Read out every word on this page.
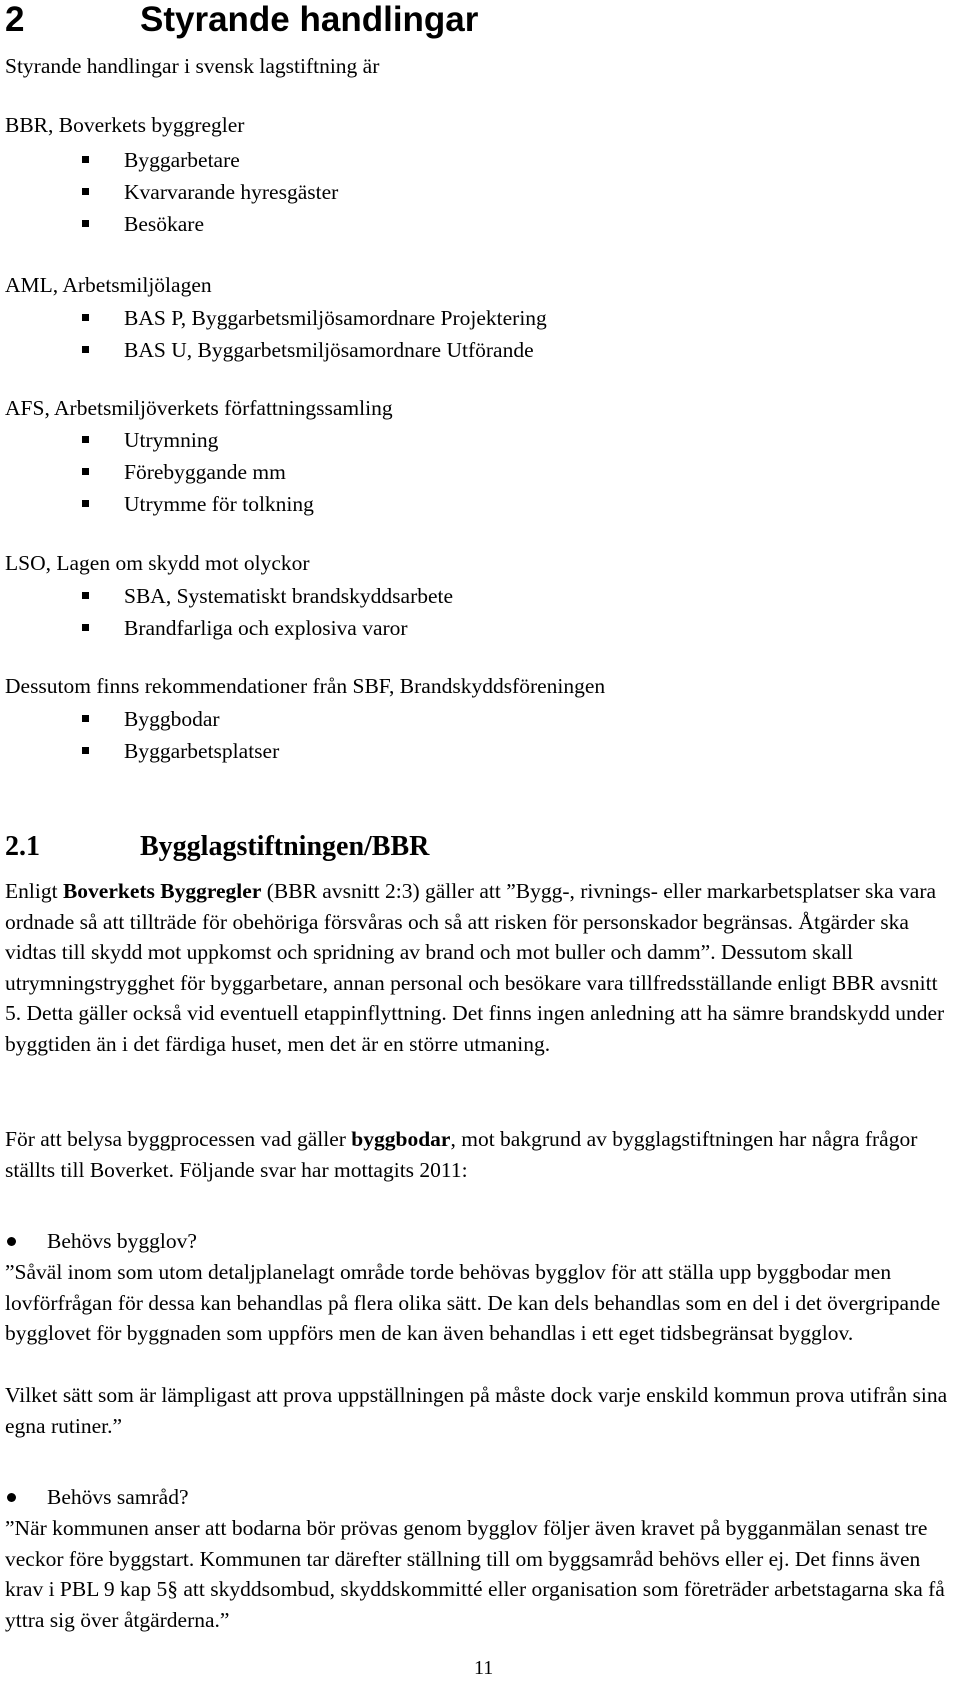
2	Styrande handlingar
Styrande handlingar i svensk lagstiftning är
BBR, Boverkets byggregler
Byggarbetare
Kvarvarande hyresgäster
Besökare
AML, Arbetsmiljölagen
BAS P, Byggarbetsmiljösamordnare Projektering
BAS U, Byggarbetsmiljösamordnare Utförande
AFS, Arbetsmiljöverkets författningssamling
Utrymning
Förebyggande mm
Utrymme för tolkning
LSO, Lagen om skydd mot olyckor
SBA, Systematiskt brandskyddsarbete
Brandfarliga och explosiva varor
Dessutom finns rekommendationer från SBF, Brandskyddsföreningen
Byggbodar
Byggarbetsplatser
2.1	Bygglagstiftningen/BBR
Enligt Boverkets Byggregler (BBR avsnitt 2:3) gäller att ”Bygg-, rivnings- eller markarbetsplatser ska vara ordnade så att tillträde för obehöriga försvåras och så att risken för personskador begränsas. Åtgärder ska vidtas till skydd mot uppkomst och spridning av brand och mot buller och damm”. Dessutom skall utrymningstrygghet för byggarbetare, annan personal och besökare vara tillfredsställande enligt BBR avsnitt 5. Detta gäller också vid eventuell etappinflyttning. Det finns ingen anledning att ha sämre brandskydd under byggtiden än i det färdiga huset, men det är en större utmaning.
För att belysa byggprocessen vad gäller byggbodar, mot bakgrund av bygglagstiftningen har några frågor ställts till Boverket. Följande svar har mottagits 2011:
Behövs bygglov?
”Såväl inom som utom detaljplanelagt område torde behövas bygglov för att ställa upp byggbodar men lovförfrågan för dessa kan behandlas på flera olika sätt. De kan dels behandlas som en del i det övergripande bygglovet för byggnaden som uppförs men de kan även behandlas i ett eget tidsbegränsat bygglov.
Vilket sätt som är lämpligast att prova uppställningen på måste dock varje enskild kommun prova utifrån sina egna rutiner.”
Behövs samråd?
”När kommunen anser att bodarna bör prövas genom bygglov följer även kravet på bygganmälan senast tre veckor före byggstart. Kommunen tar därefter ställning till om byggsamråd behövs eller ej. Det finns även krav i PBL 9 kap 5§ att skyddsombud, skyddskommitté eller organisation som företräder arbetstagarna ska få yttra sig över åtgärderna.”
11
